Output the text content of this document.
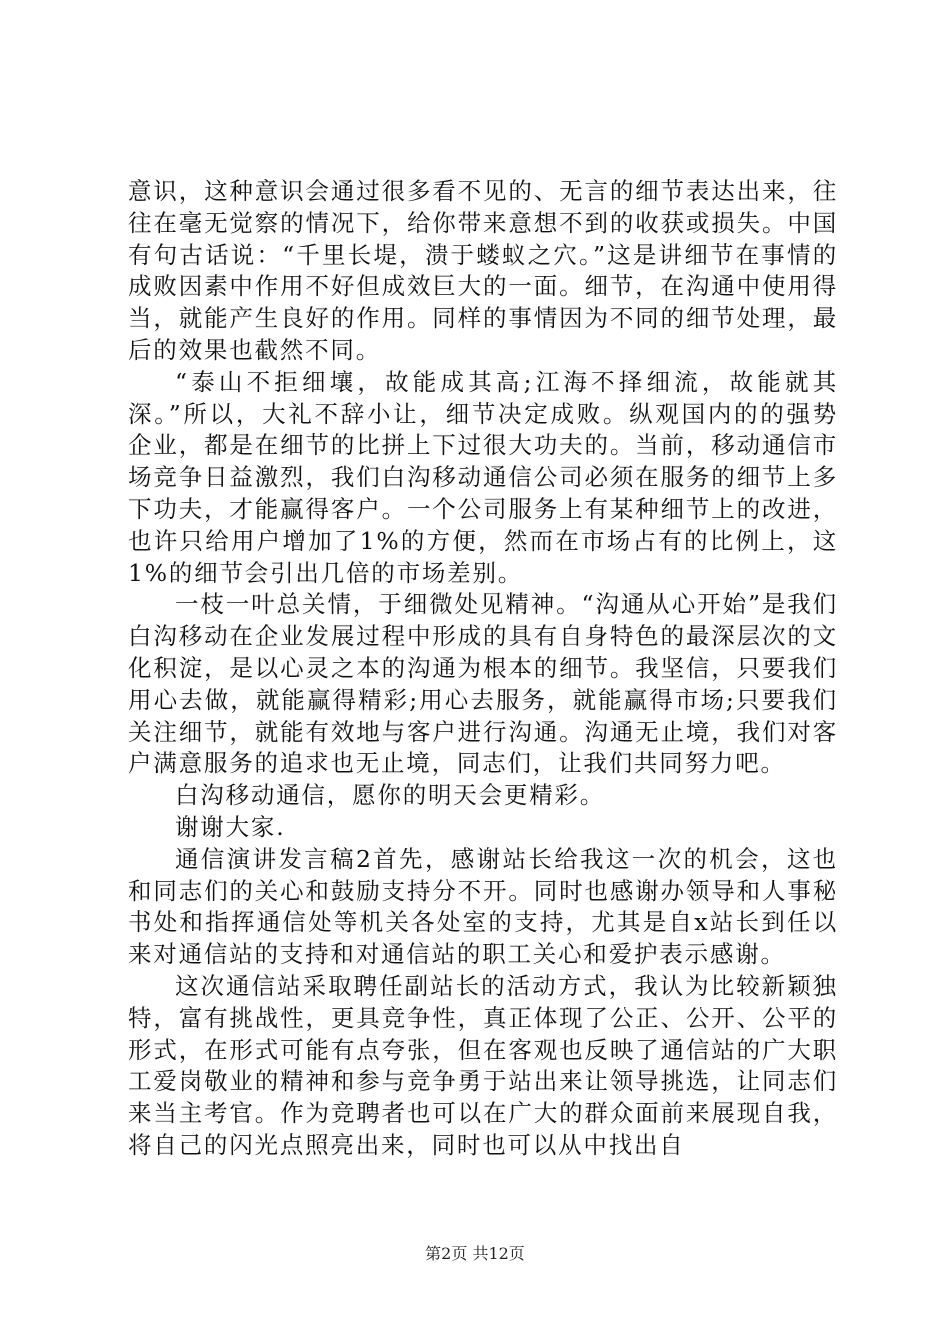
意识，这种意识会通过很多看不见的、无言的细节表达出来，往往在毫无觉察的情况下，给你带来意想不到的收获或损失。中国有句古话说：“千里长堤，溃于蝼蚁之穴。”这是讲细节在事情的成败因素中作用不好但成效巨大的一面。细节，在沟通中使用得当，就能产生良好的作用。同样的事情因为不同的细节处理，最后的效果也截然不同。

“泰山不拒细壤，故能成其高;江海不择细流，故能就其深。”所以，大礼不辞小让，细节决定成败。纵观国内的的强势企业，都是在细节的比拼上下过很大功夫的。当前，移动通信市场竞争日益激烈，我们白沟移动通信公司必须在服务的细节上多下功夫，才能赢得客户。一个公司服务上有某种细节上的改进，也许只给用户增加了1%的方便，然而在市场占有的比例上，这1%的细节会引出几倍的市场差别。

一枝一叶总关情，于细微处见精神。“沟通从心开始”是我们白沟移动在企业发展过程中形成的具有自身特色的最深层次的文化积淀，是以心灵之本的沟通为根本的细节。我坚信，只要我们用心去做，就能赢得精彩;用心去服务，就能赢得市场;只要我们关注细节，就能有效地与客户进行沟通。沟通无止境，我们对客户满意服务的追求也无止境，同志们，让我们共同努力吧。

白沟移动通信，愿你的明天会更精彩。

谢谢大家.

通信演讲发言稿2首先，感谢站长给我这一次的机会，这也和同志们的关心和鼓励支持分不开。同时也感谢办领导和人事秘书处和指挥通信处等机关各处室的支持，尤其是自x站长到任以来对通信站的支持和对通信站的职工关心和爱护表示感谢。

这次通信站采取聘任副站长的活动方式，我认为比较新颖独特，富有挑战性，更具竞争性，真正体现了公正、公开、公平的形式，在形式可能有点夸张，但在客观也反映了通信站的广大职工爱岗敬业的精神和参与竞争勇于站出来让领导挑选，让同志们来当主考官。作为竞聘者也可以在广大的群众面前来展现自我，将自己的闪光点照亮出来，同时也可以从中找出自

第2页 共12页
